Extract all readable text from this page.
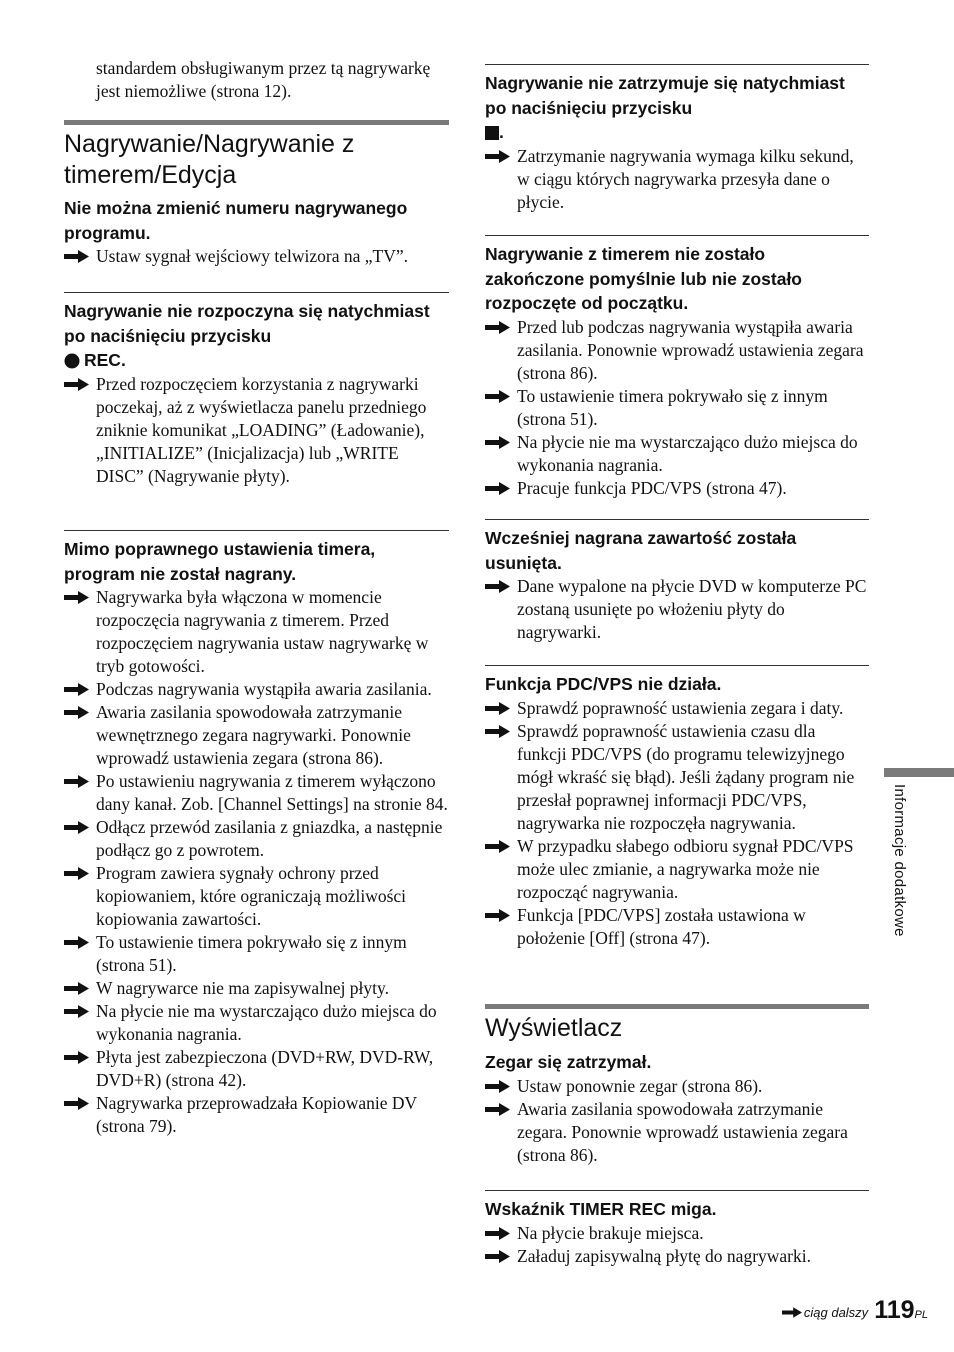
standardem obsługiwanym przez tą nagrywarkę jest niemożliwe (strona 12).
Nagrywanie/Nagrywanie z timerem/Edycja

Nie można zmienić numeru nagrywanego programu.

Ustaw sygnał wejściowy telwizora na „TV”.

Nagrywanie nie rozpoczyna się natychmiast po naciśnięciu przycisku
REC.

Przed rozpoczęciem korzystania z nagrywarki poczekaj, aż z wyświetlacza panelu przedniego zniknie komunikat „LOADING” (Ładowanie), „INITIALIZE” (Inicjalizacja) lub „WRITE DISC” (Nagrywanie płyty).

Mimo poprawnego ustawienia timera, program nie został nagrany.

Nagrywarka była włączona w momencie rozpoczęcia nagrywania z timerem. Przed rozpoczęciem nagrywania ustaw nagrywarkę w tryb gotowości.
Podczas nagrywania wystąpiła awaria zasilania.
Awaria zasilania spowodowała zatrzymanie wewnętrznego zegara nagrywarki. Ponownie wprowadź ustawienia zegara (strona 86).
Po ustawieniu nagrywania z timerem wyłączono dany kanał. Zob. [Channel Settings] na stronie 84.
Odłącz przewód zasilania z gniazdka, a następnie podłącz go z powrotem.
Program zawiera sygnały ochrony przed kopiowaniem, które ograniczają możliwości kopiowania zawartości.
To ustawienie timera pokrywało się z innym (strona 51).
W nagrywarce nie ma zapisywalnej płyty.
Na płycie nie ma wystarczająco dużo miejsca do wykonania nagrania.
Płyta jest zabezpieczona (DVD+RW, DVD-RW, DVD+R) (strona 42).
Nagrywarka przeprowadzała Kopiowanie DV (strona 79).

Nagrywanie nie zatrzymuje się natychmiast po naciśnięciu przycisku
.

Zatrzymanie nagrywania wymaga kilku sekund, w ciągu których nagrywarka przesyła dane o płycie.

Nagrywanie z timerem nie zostało zakończone pomyślnie lub nie zostało rozpoczęte od początku.

Przed lub podczas nagrywania wystąpiła awaria zasilania. Ponownie wprowadź ustawienia zegara (strona 86).
To ustawienie timera pokrywało się z innym (strona 51).
Na płycie nie ma wystarczająco dużo miejsca do wykonania nagrania.
Pracuje funkcja PDC/VPS (strona 47).

Wcześniej nagrana zawartość została usunięta.

Dane wypalone na płycie DVD w komputerze PC zostaną usunięte po włożeniu płyty do nagrywarki.

Funkcja PDC/VPS nie działa.

Sprawdź poprawność ustawienia zegara i daty.
Sprawdź poprawność ustawienia czasu dla funkcji PDC/VPS (do programu telewizyjnego mógł wkraść się błąd). Jeśli żądany program nie przesłał poprawnej informacji PDC/VPS, nagrywarka nie rozpoczęła nagrywania.
W przypadku słabego odbioru sygnał PDC/VPS może ulec zmianie, a nagrywarka może nie rozpocząć nagrywania.
Funkcja [PDC/VPS] została ustawiona w położenie [Off] (strona 47).
Wyświetlacz

Zegar się zatrzymał.

Ustaw ponownie zegar (strona 86).
Awaria zasilania spowodowała zatrzymanie zegara. Ponownie wprowadź ustawienia zegara (strona 86).

Wskaźnik TIMER REC miga.

Na płycie brakuje miejsca.
Załaduj zapisywalną płytę do nagrywarki.
Informacje dodatkowe
ciąg dalszy 119 PL
